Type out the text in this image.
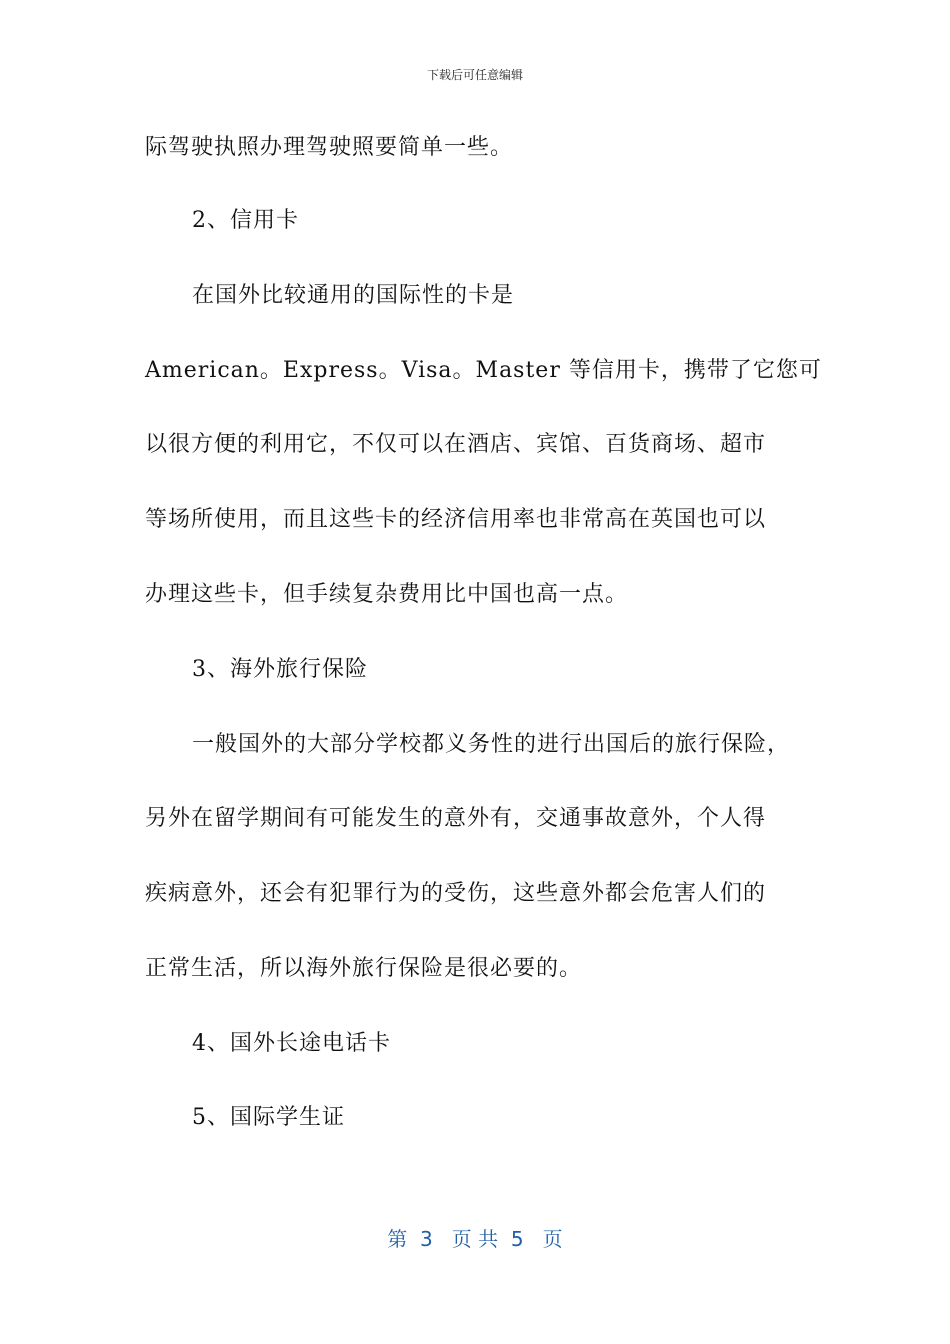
下载后可任意编辑
际驾驶执照办理驾驶照要简单一些。
2、信用卡
在国外比较通用的国际性的卡是
American。Express。Visa。Master 等信用卡，携带了它您可
以很方便的利用它，不仅可以在酒店、宾馆、百货商场、超市
等场所使用，而且这些卡的经济信用率也非常高在英国也可以
办理这些卡，但手续复杂费用比中国也高一点。
3、海外旅行保险
一般国外的大部分学校都义务性的进行出国后的旅行保险，
另外在留学期间有可能发生的意外有，交通事故意外，个人得
疾病意外，还会有犯罪行为的受伤，这些意外都会危害人们的
正常生活，所以海外旅行保险是很必要的。
4、国外长途电话卡
5、国际学生证
第  3   页 共  5   页
